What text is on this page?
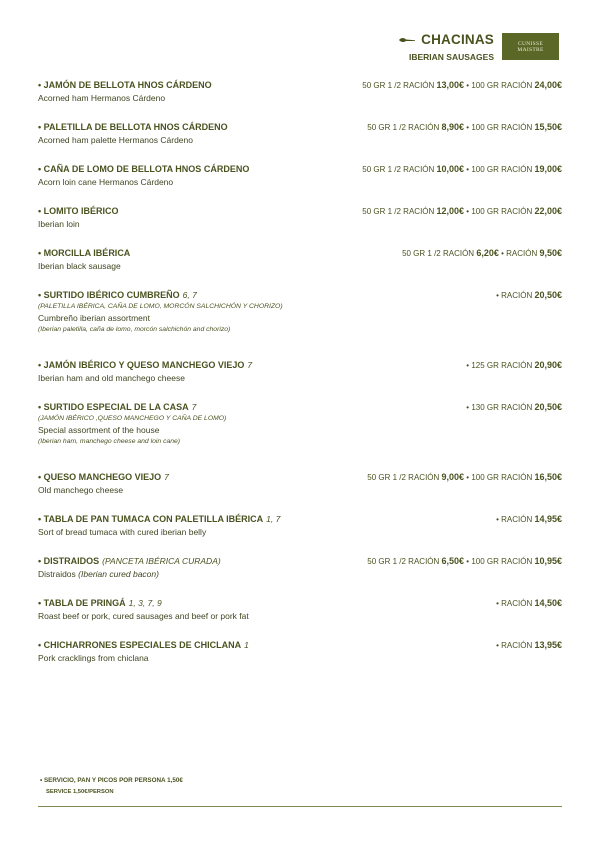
CHACINAS
IBERIAN SAUSAGES
CUNISSE
MAISTRE
• JAMÓN DE BELLOTA HNOS CÁRDENO	50 GR 1 /2 RACIÓN 13,00€ • 100 GR RACIÓN 24,00€
Acorned ham Hermanos Cárdeno
• PALETILLA DE BELLOTA HNOS CÁRDENO	50 GR 1 /2 RACIÓN 8,90€ • 100 GR RACIÓN 15,50€
Acorned ham palette Hermanos Cárdeno
• CAÑA DE LOMO DE BELLOTA HNOS CÁRDENO	50 GR 1 /2 RACIÓN 10,00€ • 100 GR RACIÓN 19,00€
Acorn loin cane Hermanos Cárdeno
• LOMITO IBÉRICO	50 GR 1 /2 RACIÓN 12,00€ • 100 GR RACIÓN 22,00€
Iberian loin
• MORCILLA IBÉRICA	50 GR 1 /2 RACIÓN 6,20€ • RACIÓN 9,50€
Iberian black sausage
• SURTIDO IBÉRICO CUMBREÑO 6, 7	• RACIÓN 20,50€
(PALETILLA IBÉRICA, CAÑA DE LOMO, MORCÓN SALCHICHÓN Y CHORIZO)
Cumbreño iberian assortment
(Iberian paletilla, caña de lomo, morcón salchichón and chorizo)
• JAMÓN IBÉRICO Y QUESO MANCHEGO VIEJO 7	• 125 GR RACIÓN 20,90€
Iberian ham and old manchego cheese
• SURTIDO ESPECIAL DE LA CASA 7	• 130 GR RACIÓN 20,50€
(JAMÓN IBÉRICO ,QUESO MANCHEGO Y CAÑA DE LOMO)
Special assortment of the house
(Iberian ham, manchego cheese and loin cane)
• QUESO MANCHEGO VIEJO 7	50 GR 1 /2 RACIÓN 9,00€ • 100 GR RACIÓN 16,50€
Old manchego cheese
• TABLA DE PAN TUMACA CON PALETILLA IBÉRICA 1, 7	• RACIÓN 14,95€
Sort of bread tumaca with cured iberian belly
• DISTRAIDOS (PANCETA IBÉRICA CURADA)	50 GR 1 /2 RACIÓN 6,50€ • 100 GR RACIÓN 10,95€
Distraidos (Iberian cured bacon)
• TABLA DE PRINGÁ 1, 3, 7, 9	• RACIÓN 14,50€
Roast beef or pork, cured sausages and beef or pork fat
• CHICHARRONES ESPECIALES DE CHICLANA 1	• RACIÓN 13,95€
Pork cracklings from chiclana
• SERVICIO, PAN Y PICOS POR PERSONA 1,50€
SERVICE 1,50€/PERSON
